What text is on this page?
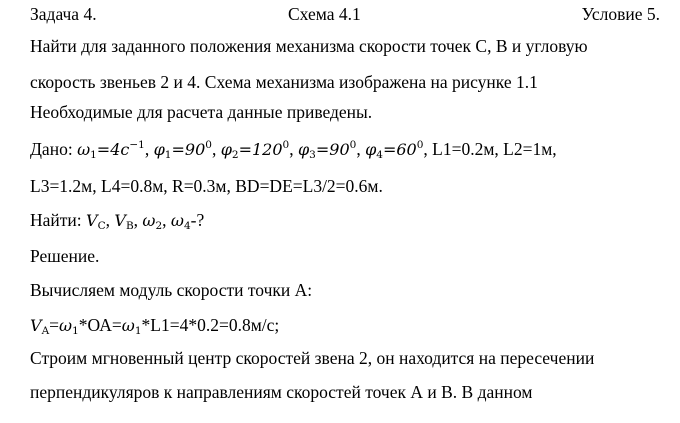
Задача 4.	Схема 4.1	Условие 5.
Найти для заданного положения механизма скорости точек C, B и угловую
скорость звеньев 2 и 4. Схема механизма изображена на рисунке 1.1
Необходимые для расчета данные приведены.
Дано: $\omega_1=4c^{-1}$, $\varphi_1=90^0$, $\varphi_2=120^0$, $\varphi_3=90^0$, $\varphi_4=60^0$, L1=0.2м, L2=1м,
L3=1.2м, L4=0.8м, R=0.3м, BD=DE=L3/2=0.6м.
Найти: $V_C$, $V_B$, $\omega_2$, $\omega_4-$?
Решение.
Вычисляем модуль скорости точки А:
$V_A=\omega_1*ОА=\omega_1*L1=4*0.2=0.8м/с$;
Строим мгновенный центр скоростей звена 2, он находится на пересечении
перпендикуляров к направлениям скоростей точек А и В. В данном
